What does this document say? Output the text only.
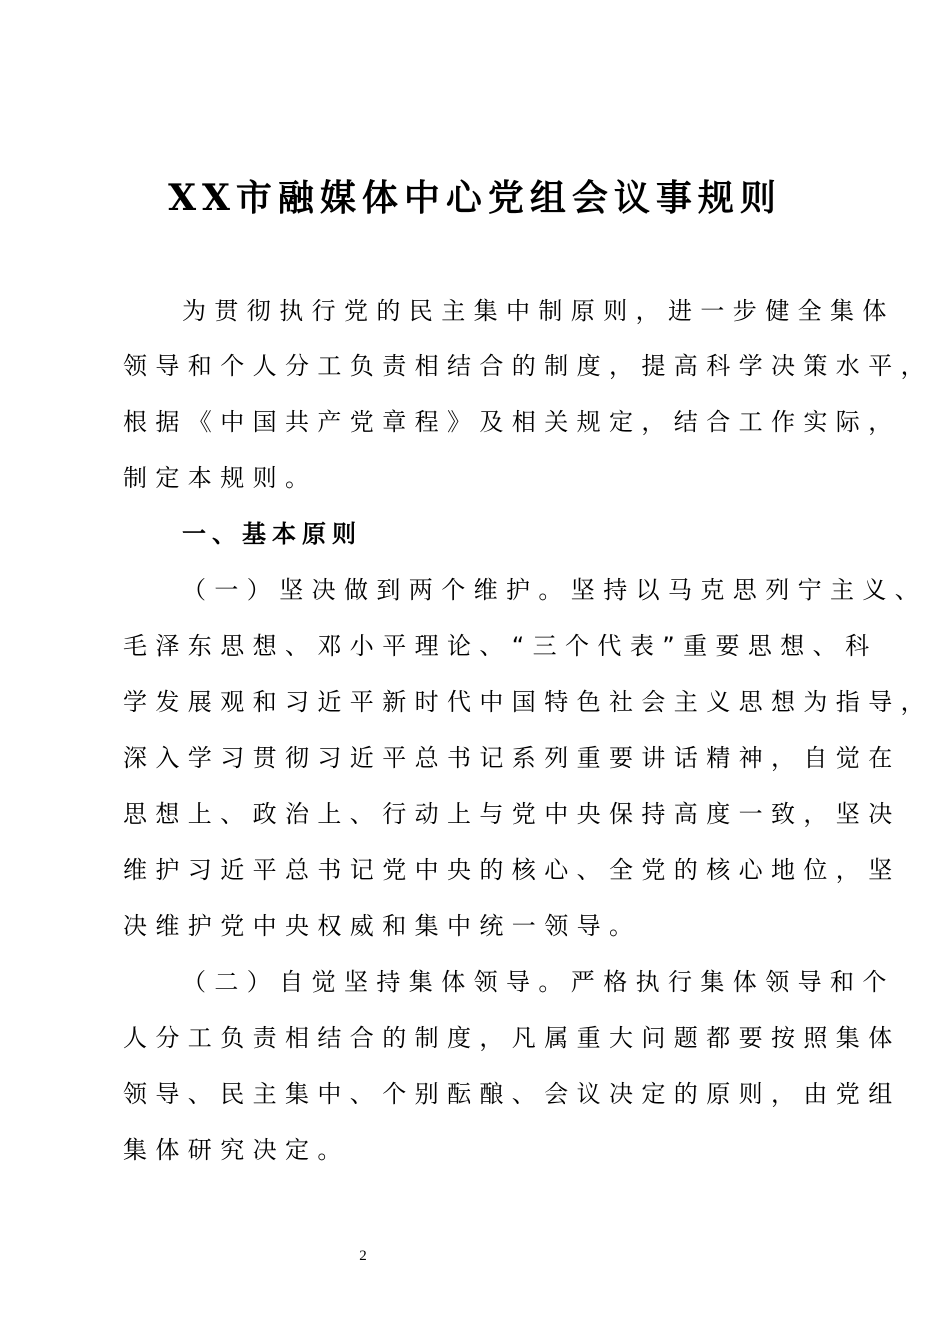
XX市融媒体中心党组会议事规则

为贯彻执行党的民主集中制原则，进一步健全集体

领导和个人分工负责相结合的制度，提高科学决策水平，

根据《中国共产党章程》及相关规定，结合工作实际，

制定本规则。

一、基本原则

（一）坚决做到两个维护。坚持以马克思列宁主义、

毛泽东思想、邓小平理论、“三个代表”重要思想、科

学发展观和习近平新时代中国特色社会主义思想为指导，

深入学习贯彻习近平总书记系列重要讲话精神，自觉在

思想上、政治上、行动上与党中央保持高度一致，坚决

维护习近平总书记党中央的核心、全党的核心地位，坚

决维护党中央权威和集中统一领导。

（二）自觉坚持集体领导。严格执行集体领导和个

人分工负责相结合的制度，凡属重大问题都要按照集体

领导、民主集中、个别酝酿、会议决定的原则，由党组

集体研究决定。

2
